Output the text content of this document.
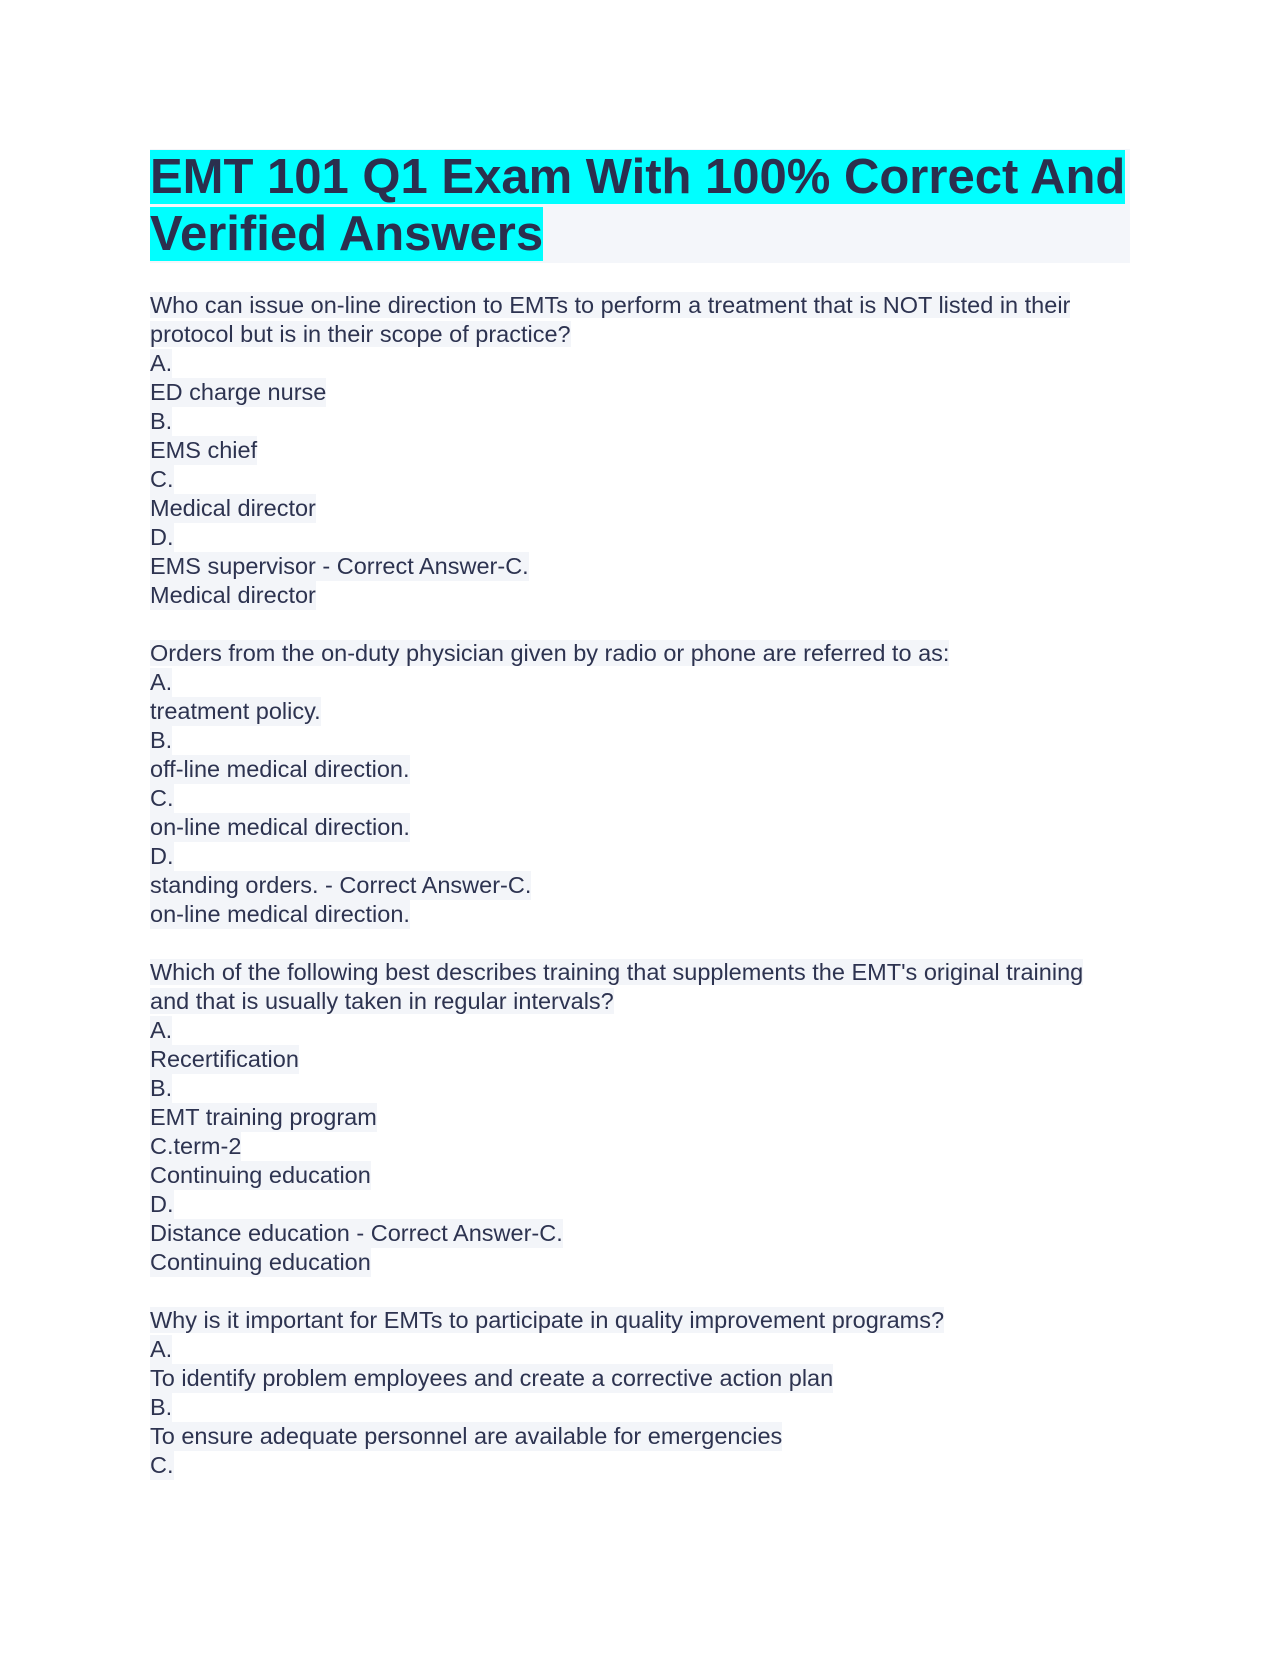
EMT 101 Q1 Exam With 100% Correct And Verified Answers
Who can issue on-line direction to EMTs to perform a treatment that is NOT listed in their protocol but is in their scope of practice?
A.
ED charge nurse
B.
EMS chief
C.
Medical director
D.
EMS supervisor - Correct Answer-C.
Medical director
Orders from the on-duty physician given by radio or phone are referred to as:
A.
treatment policy.
B.
off-line medical direction.
C.
on-line medical direction.
D.
standing orders. - Correct Answer-C.
on-line medical direction.
Which of the following best describes training that supplements the EMT's original training and that is usually taken in regular intervals?
A.
Recertification
B.
EMT training program
C.term-2
Continuing education
D.
Distance education - Correct Answer-C.
Continuing education
Why is it important for EMTs to participate in quality improvement programs?
A.
To identify problem employees and create a corrective action plan
B.
To ensure adequate personnel are available for emergencies
C.
